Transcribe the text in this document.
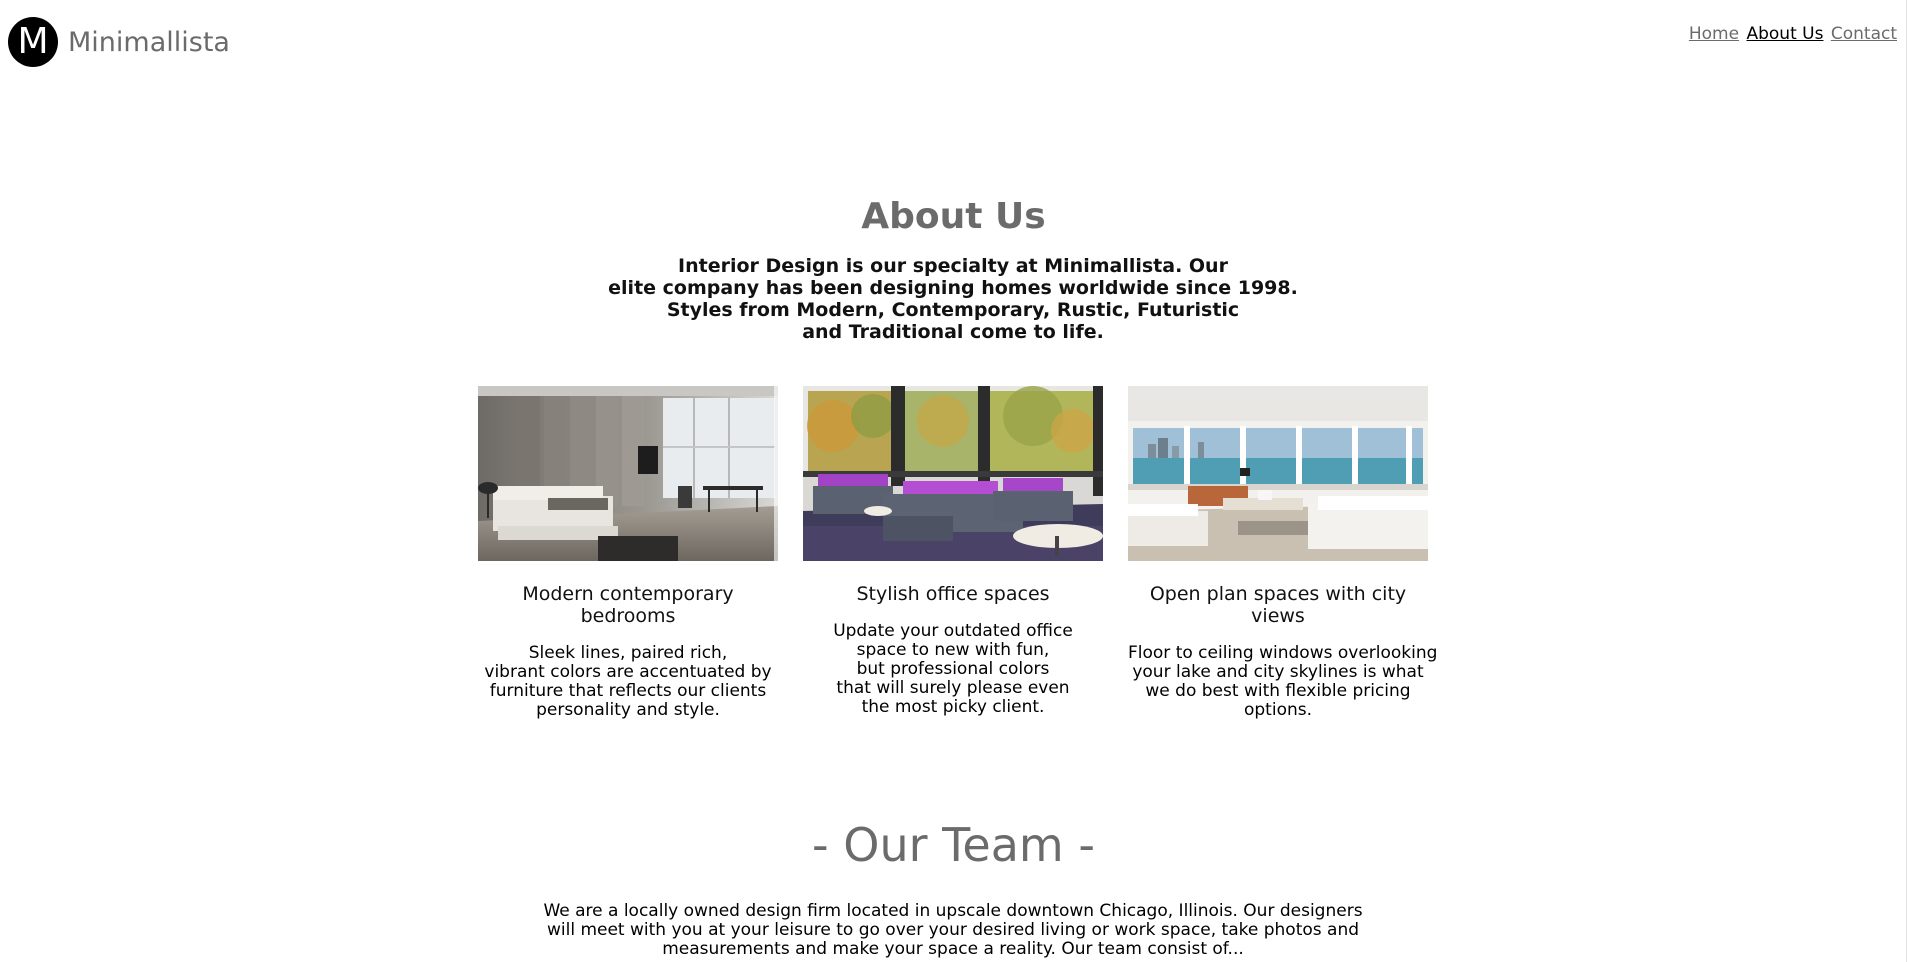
M Minimallista	Home About Us Contact
About Us
Interior Design is our specialty at Minimallista. Our
elite company has been designing homes worldwide since 1998.
Styles from Modern, Contemporary, Rustic, Futuristic
and Traditional come to life.
Modern contemporary bedrooms
Sleek lines, paired rich,
vibrant colors are accentuated by
furniture that reflects our clients
personality and style.
Stylish office spaces
Update your outdated office
space to new with fun,
but professional colors
that will surely please even
the most picky client.
Open plan spaces with city views
Floor to ceiling windows overlooking
your lake and city skylines is what
we do best with flexible pricing
options.
- Our Team -
We are a locally owned design firm located in upscale downtown Chicago, Illinois. Our designers
will meet with you at your leisure to go over your desired living or work space, take photos and
measurements and make your space a reality. Our team consist of...
